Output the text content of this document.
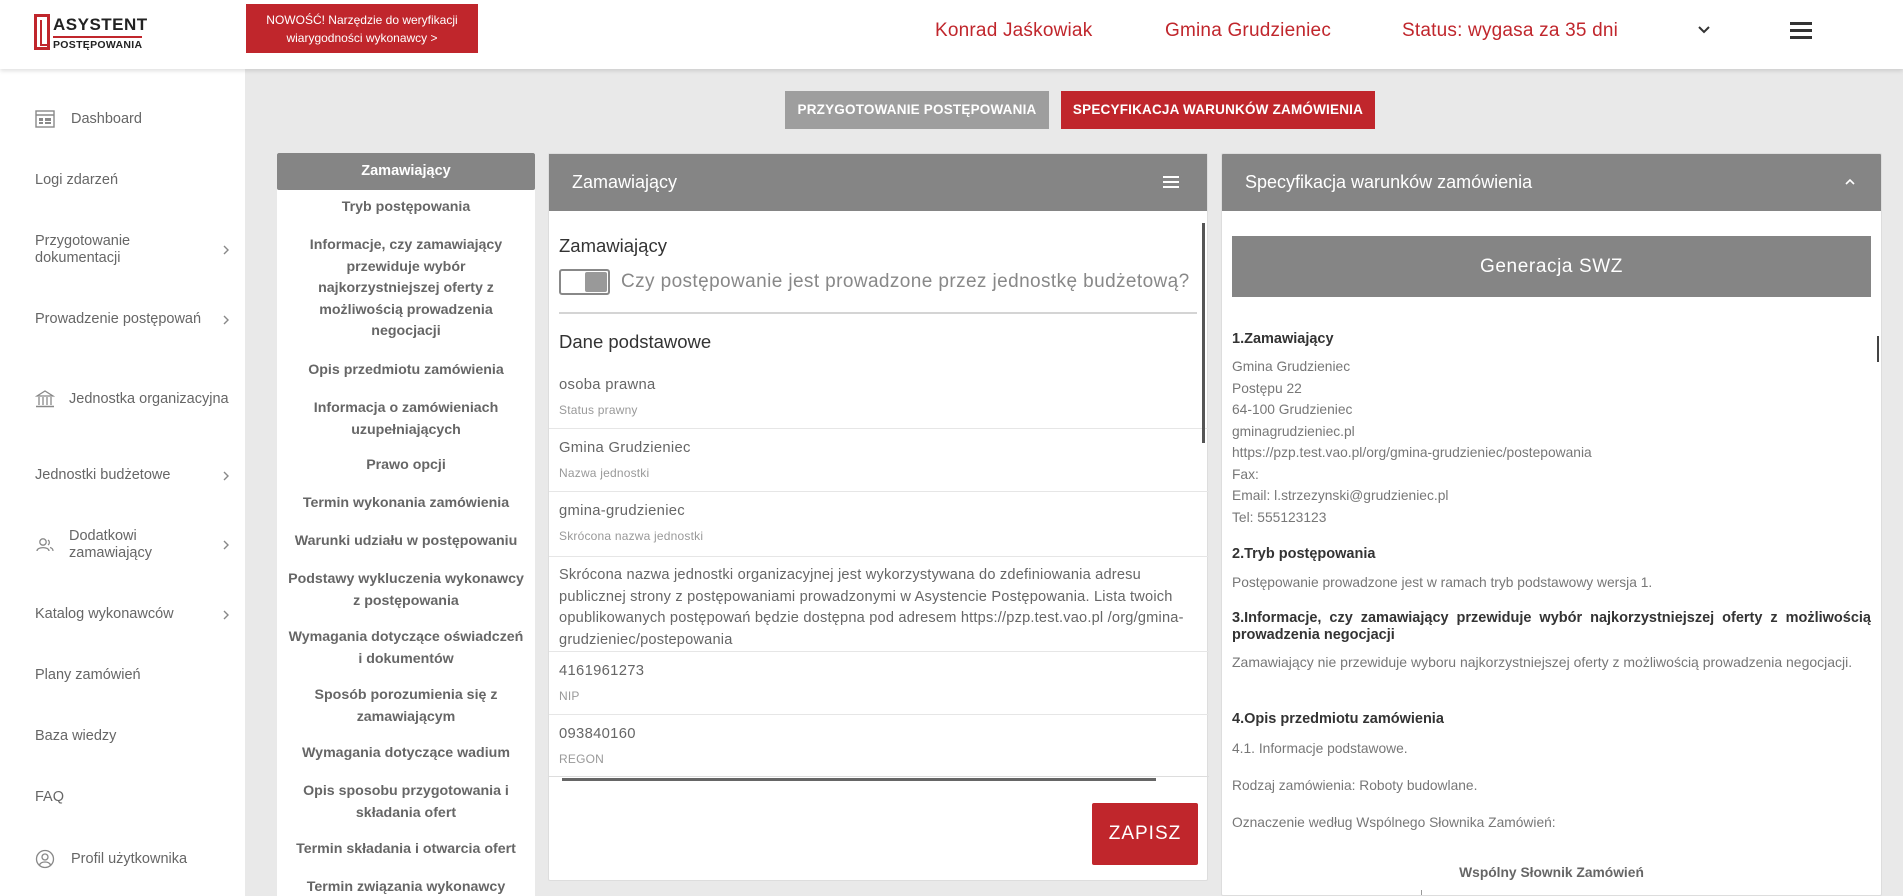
ASYSTENT
POSTĘPOWANIA
NOWOŚĆ! Narzędzie do weryfikacji
wiarygodności wykonawcy >	Konrad Jaśkowiak	Gmina Grudzieniec	Status: wygasa za 35 dni
Dashboard
Logi zdarzeń
Przygotowanie dokumentacji
Prowadzenie postępowań
Jednostka organizacyjna
Jednostki budżetowe
Dodatkowi zamawiający
Katalog wykonawców
Plany zamówień
Baza wiedzy
FAQ
Profil użytkownika
PRZYGOTOWANIE POSTĘPOWANIA	SPECYFIKACJA WARUNKÓW ZAMÓWIENIA
Zamawiający
Tryb postępowania
Informacje, czy zamawiający przewiduje wybór najkorzystniejszej oferty z możliwością prowadzenia negocjacji
Opis przedmiotu zamówienia
Informacja o zamówieniach uzupełniających
Prawo opcji
Termin wykonania zamówienia
Warunki udziału w postępowaniu
Podstawy wykluczenia wykonawcy z postępowania
Wymagania dotyczące oświadczeń i dokumentów
Sposób porozumienia się z zamawiającym
Wymagania dotyczące wadium
Opis sposobu przygotowania i składania ofert
Termin składania i otwarcia ofert
Termin związania wykonawcy
Zamawiający
Zamawiający
Czy postępowanie jest prowadzone przez jednostkę budżetową?
Dane podstawowe
osoba prawna
Status prawny
Gmina Grudzieniec
Nazwa jednostki
gmina-grudzieniec
Skrócona nazwa jednostki
Skrócona nazwa jednostki organizacyjnej jest wykorzystywana do zdefiniowania adresu publicznej strony z postępowaniami prowadzonymi w Asystencie Postępowania. Lista twoich opublikowanych postępowań będzie dostępna pod adresem https://pzp.test.vao.pl /org/gmina-grudzieniec/postepowania
4161961273
NIP
093840160
REGON
ZAPISZ
Specyfikacja warunków zamówienia
Generacja SWZ
1.Zamawiający
Gmina Grudzieniec
Postępu 22
64-100 Grudzieniec
gminagrudzieniec.pl
https://pzp.test.vao.pl/org/gmina-grudzieniec/postepowania
Fax:
Email: l.strzezynski@grudzieniec.pl
Tel: 555123123
2.Tryb postępowania
Postępowanie prowadzone jest w ramach tryb podstawowy wersja 1.
3.Informacje, czy zamawiający przewiduje wybór najkorzystniejszej oferty z możliwością prowadzenia negocjacji
Zamawiający nie przewiduje wyboru najkorzystniejszej oferty z możliwością prowadzenia negocjacji.
4.Opis przedmiotu zamówienia
4.1. Informacje podstawowe.
Rodzaj zamówienia: Roboty budowlane.
Oznaczenie według Wspólnego Słownika Zamówień:
Wspólny Słownik Zamówień
